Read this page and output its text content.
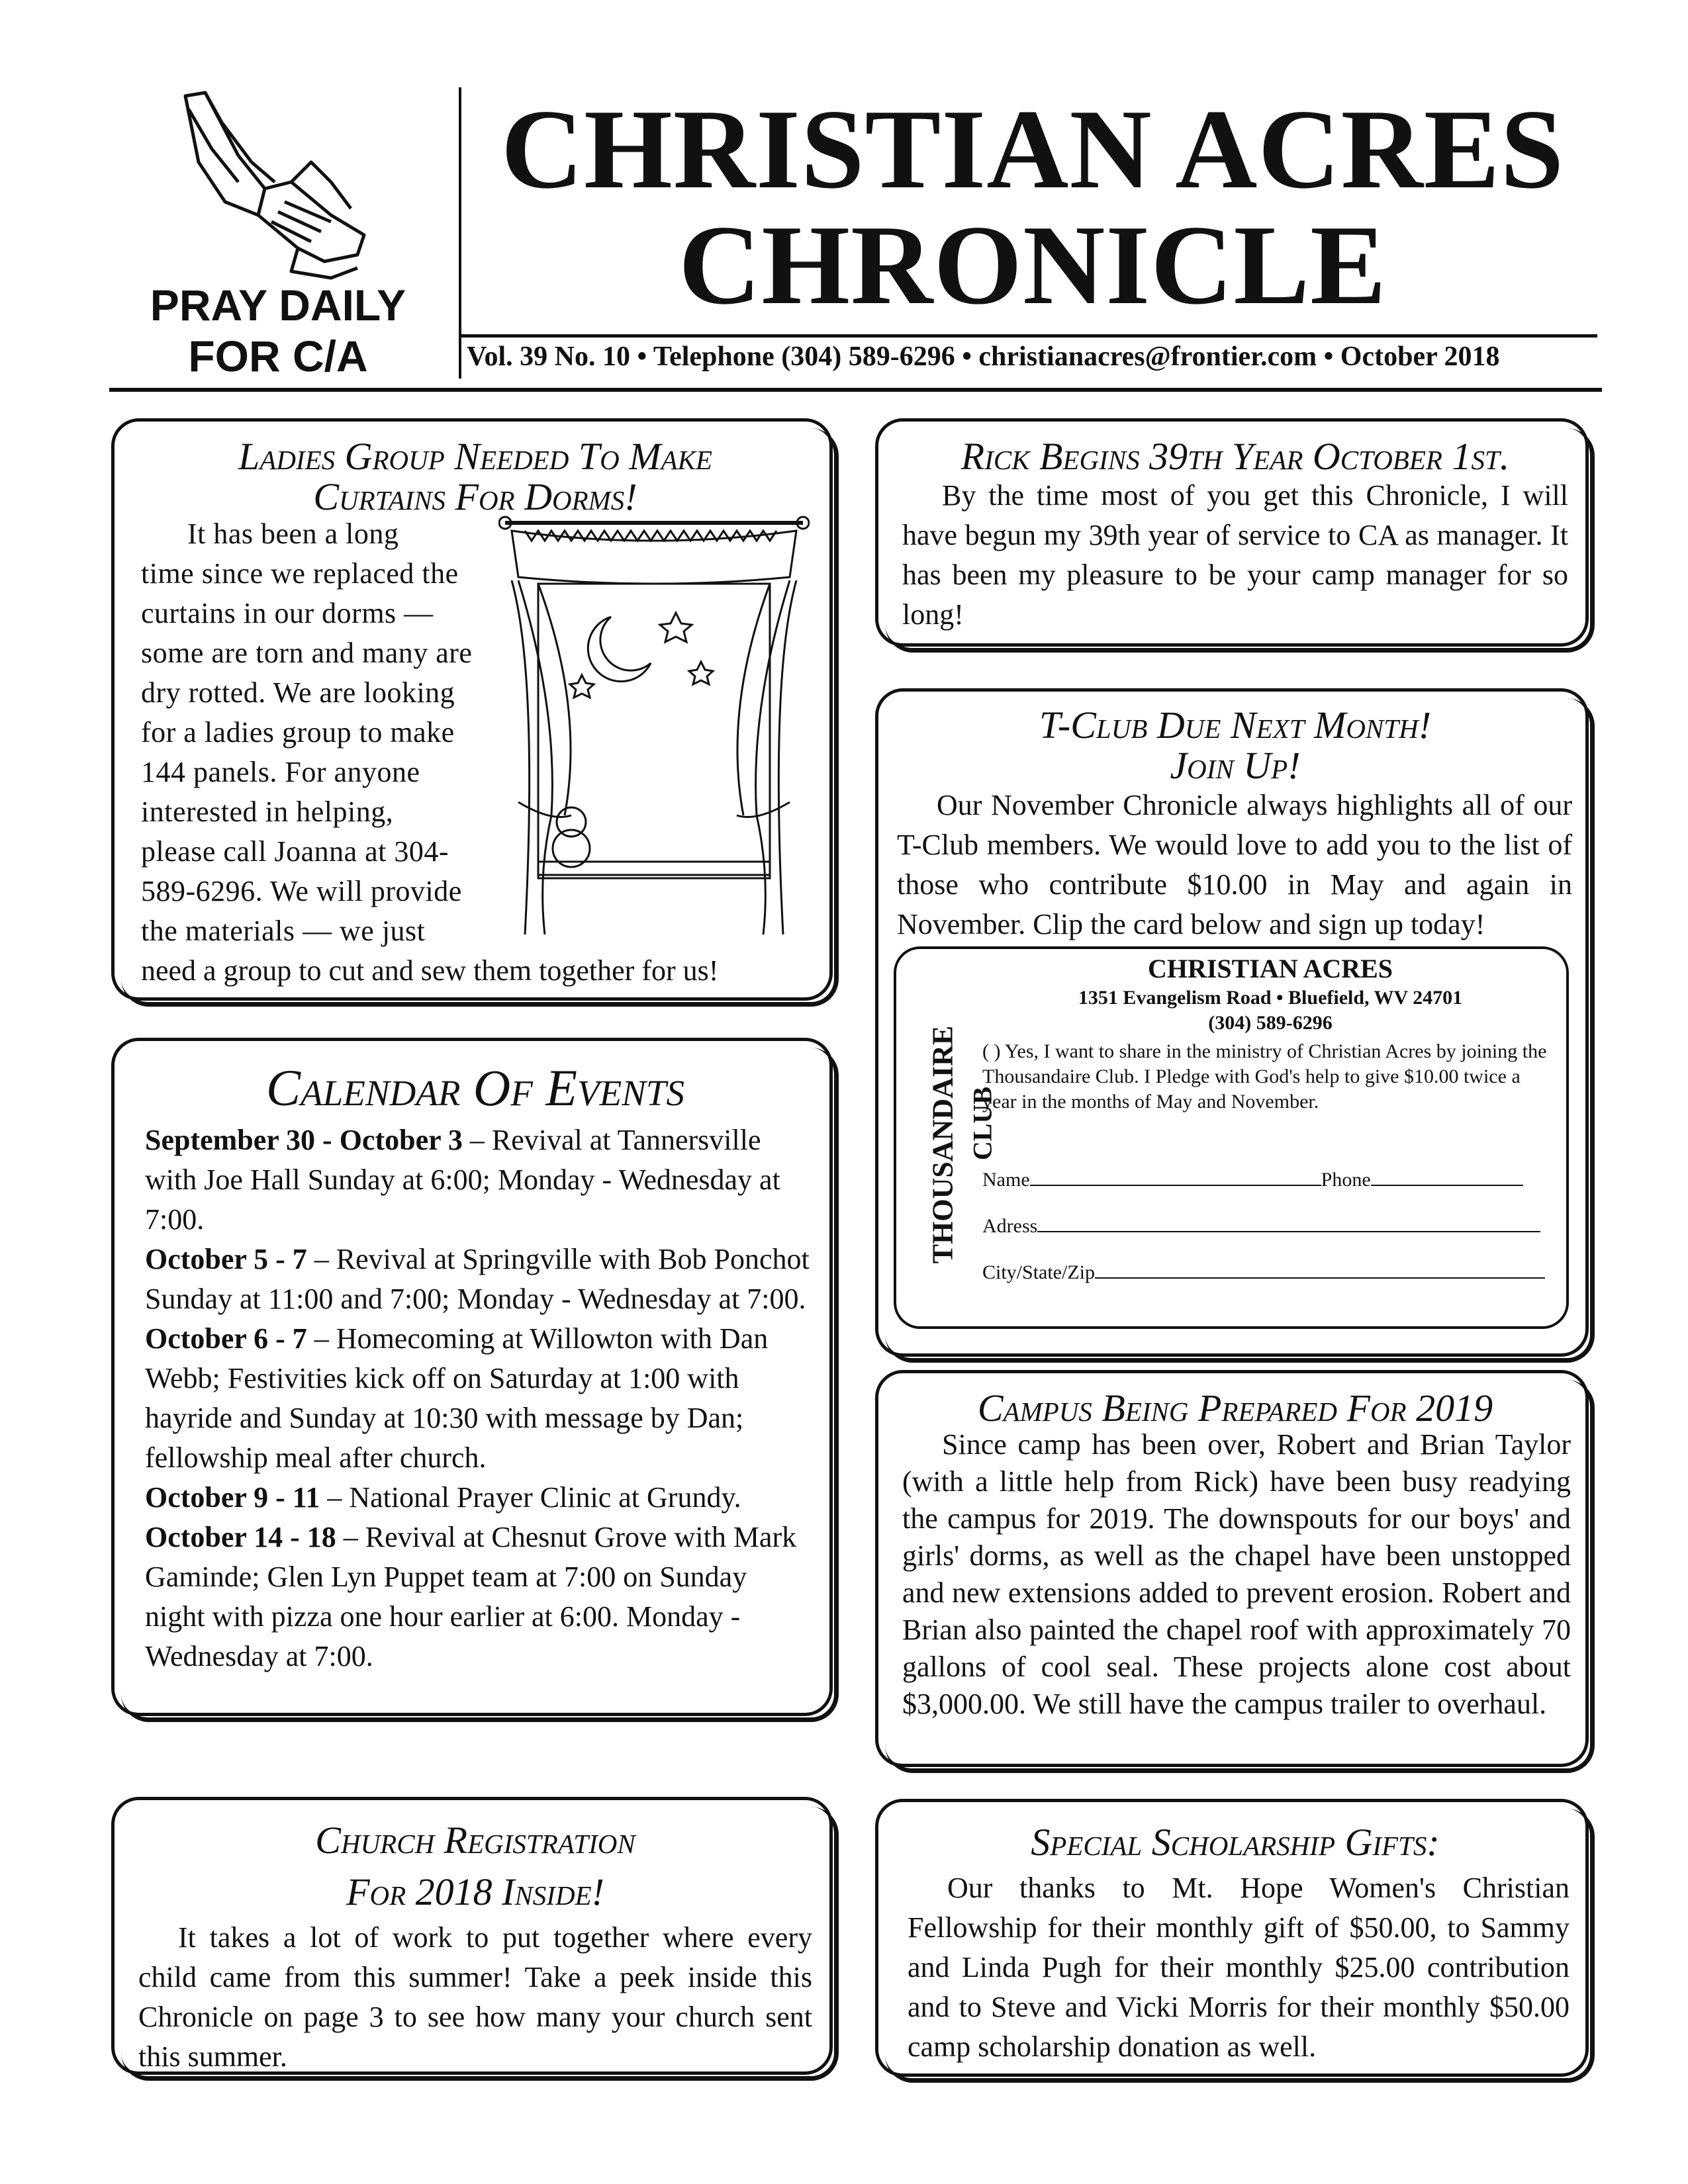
PRAY DAILY
FOR C/A
CHRISTIAN ACRES
CHRONICLE
Vol. 39 No. 10 • Telephone (304) 589-6296 • christianacres@frontier.com • October 2018
Ladies Group Needed To Make
Curtains For Dorms!
It has been a long
time since we replaced the
curtains in our dorms —
some are torn and many are
dry rotted. We are looking
for a ladies group to make
144 panels. For anyone
interested in helping,
please call Joanna at 304-
589-6296. We will provide
the materials — we just
need a group to cut and sew them together for us!
Calendar Of Events
September 30 - October 3 – Revival at Tannersville with Joe Hall Sunday at 6:00; Monday - Wednesday at 7:00.
October 5 - 7 – Revival at Springville with Bob Ponchot Sunday at 11:00 and 7:00; Monday - Wednesday at 7:00.
October 6 - 7 – Homecoming at Willowton with Dan Webb; Festivities kick off on Saturday at 1:00 with hayride and Sunday at 10:30 with message by Dan; fellowship meal after church.
October 9 - 11 – National Prayer Clinic at Grundy.
October 14 - 18 – Revival at Chesnut Grove with Mark Gaminde; Glen Lyn Puppet team at 7:00 on Sunday night with pizza one hour earlier at 6:00. Monday - Wednesday at 7:00.
Church Registration
For 2018 Inside!

It takes a lot of work to put together where every child came from this summer! Take a peek inside this Chronicle on page 3 to see how many your church sent this summer.

Rick Begins 39th Year October 1st.

By the time most of you get this Chronicle, I will have begun my 39th year of service to CA as manager. It has been my pleasure to be your camp manager for so long!

T-Club Due Next Month!
Join Up!

Our November Chronicle always highlights all of our T-Club members. We would love to add you to the list of those who contribute $10.00 in May and again in November. Clip the card below and sign up today!

THOUSANDAIRE CLUB
CHRISTIAN ACRES
1351 Evangelism Road • Bluefield, WV 24701
(304) 589-6296
( ) Yes, I want to share in the ministry of Christian Acres by joining the Thousandaire Club. I Pledge with God's help to give $10.00 twice a year in the months of May and November.
Name	Phone
Adress
City/State/Zip
Campus Being Prepared For 2019

Since camp has been over, Robert and Brian Taylor (with a little help from Rick) have been busy readying the campus for 2019. The downspouts for our boys' and girls' dorms, as well as the chapel have been unstopped and new extensions added to prevent erosion. Robert and Brian also painted the chapel roof with approximately 70 gallons of cool seal. These projects alone cost about $3,000.00. We still have the campus trailer to overhaul.

Special Scholarship Gifts:

Our thanks to Mt. Hope Women's Christian Fellowship for their monthly gift of $50.00, to Sammy and Linda Pugh for their monthly $25.00 contribution and to Steve and Vicki Morris for their monthly $50.00 camp scholarship donation as well.
